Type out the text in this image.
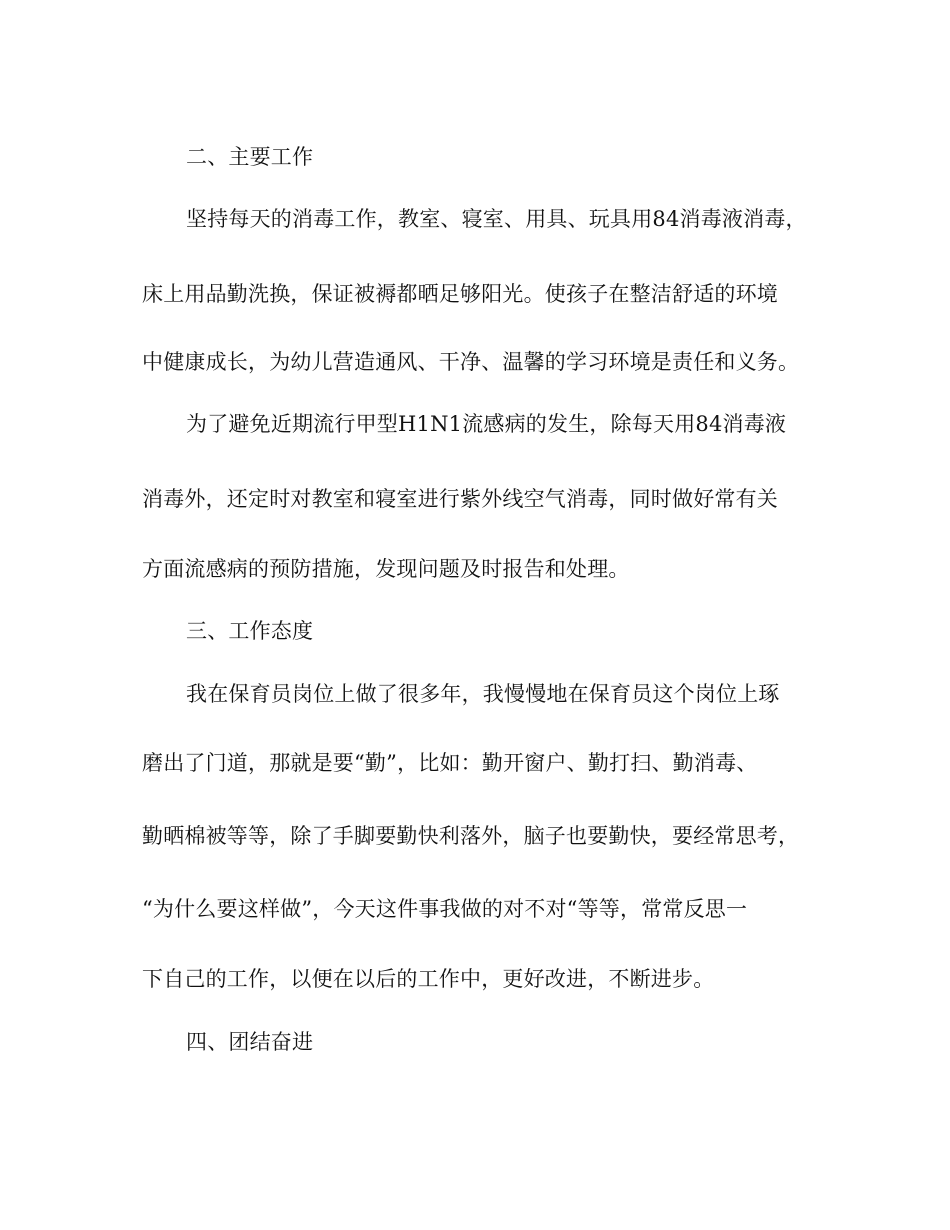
二、主要工作
坚持每天的消毒工作，教室、寝室、用具、玩具用84消毒液消毒，
床上用品勤洗换，保证被褥都晒足够阳光。使孩子在整洁舒适的环境
中健康成长，为幼儿营造通风、干净、温馨的学习环境是责任和义务。
为了避免近期流行甲型H1N1流感病的发生，除每天用84消毒液
消毒外，还定时对教室和寝室进行紫外线空气消毒，同时做好常有关
方面流感病的预防措施，发现问题及时报告和处理。
三、工作态度
我在保育员岗位上做了很多年，我慢慢地在保育员这个岗位上琢
磨出了门道，那就是要“勤”，比如：勤开窗户、勤打扫、勤消毒、
勤晒棉被等等，除了手脚要勤快利落外，脑子也要勤快，要经常思考，
“为什么要这样做”，今天这件事我做的对不对“等等，常常反思一
下自己的工作，以便在以后的工作中，更好改进，不断进步。
四、团结奋进
